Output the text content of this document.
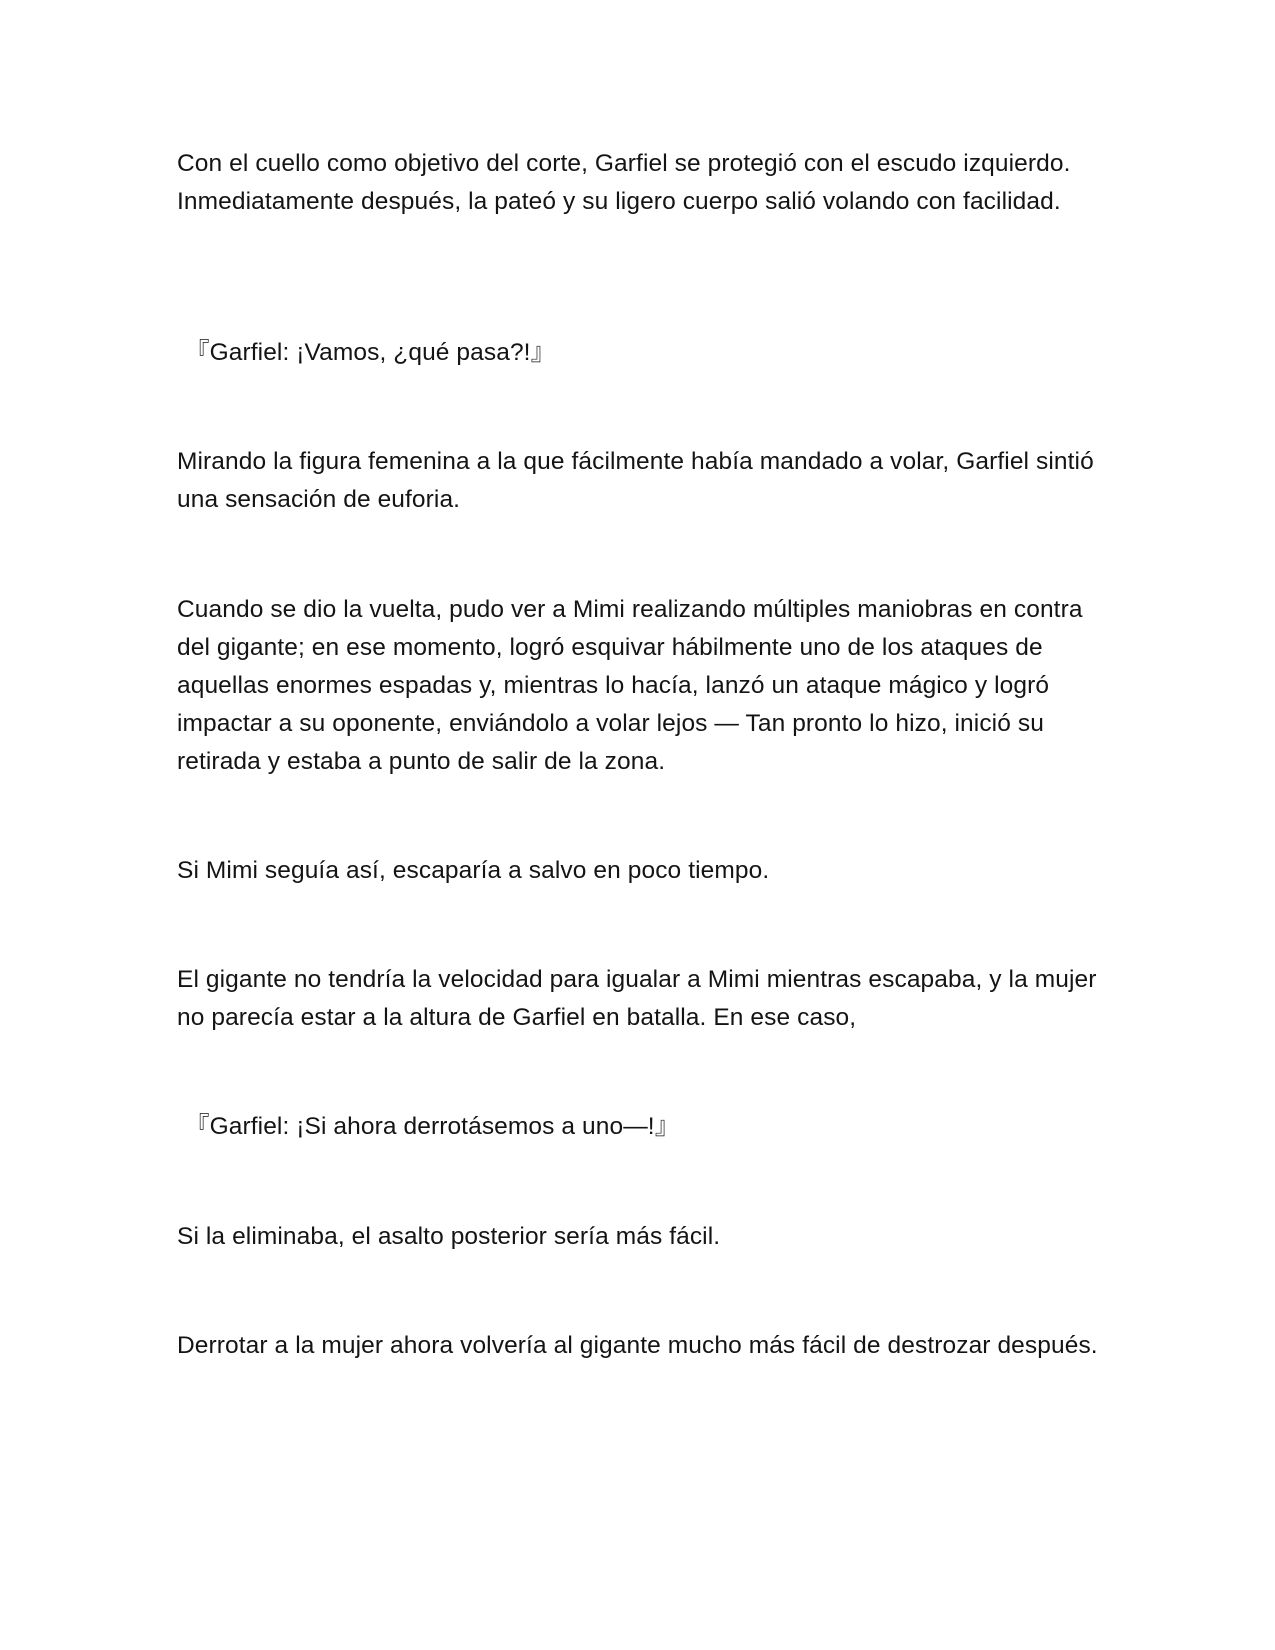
Con el cuello como objetivo del corte, Garfiel se protegió con el escudo izquierdo. Inmediatamente después, la pateó y su ligero cuerpo salió volando con facilidad.

『Garfiel: ¡Vamos, ¿qué pasa?!』

Mirando la figura femenina a la que fácilmente había mandado a volar, Garfiel sintió una sensación de euforia.

Cuando se dio la vuelta, pudo ver a Mimi realizando múltiples maniobras en contra del gigante; en ese momento, logró esquivar hábilmente uno de los ataques de aquellas enormes espadas y, mientras lo hacía, lanzó un ataque mágico y logró impactar a su oponente, enviándolo a volar lejos — Tan pronto lo hizo, inició su retirada y estaba a punto de salir de la zona.

Si Mimi seguía así, escaparía a salvo en poco tiempo.

El gigante no tendría la velocidad para igualar a Mimi mientras escapaba, y la mujer no parecía estar a la altura de Garfiel en batalla. En ese caso,

『Garfiel: ¡Si ahora derrotásemos a uno—!』

Si la eliminaba, el asalto posterior sería más fácil.

Derrotar a la mujer ahora volvería al gigante mucho más fácil de destrozar después.
